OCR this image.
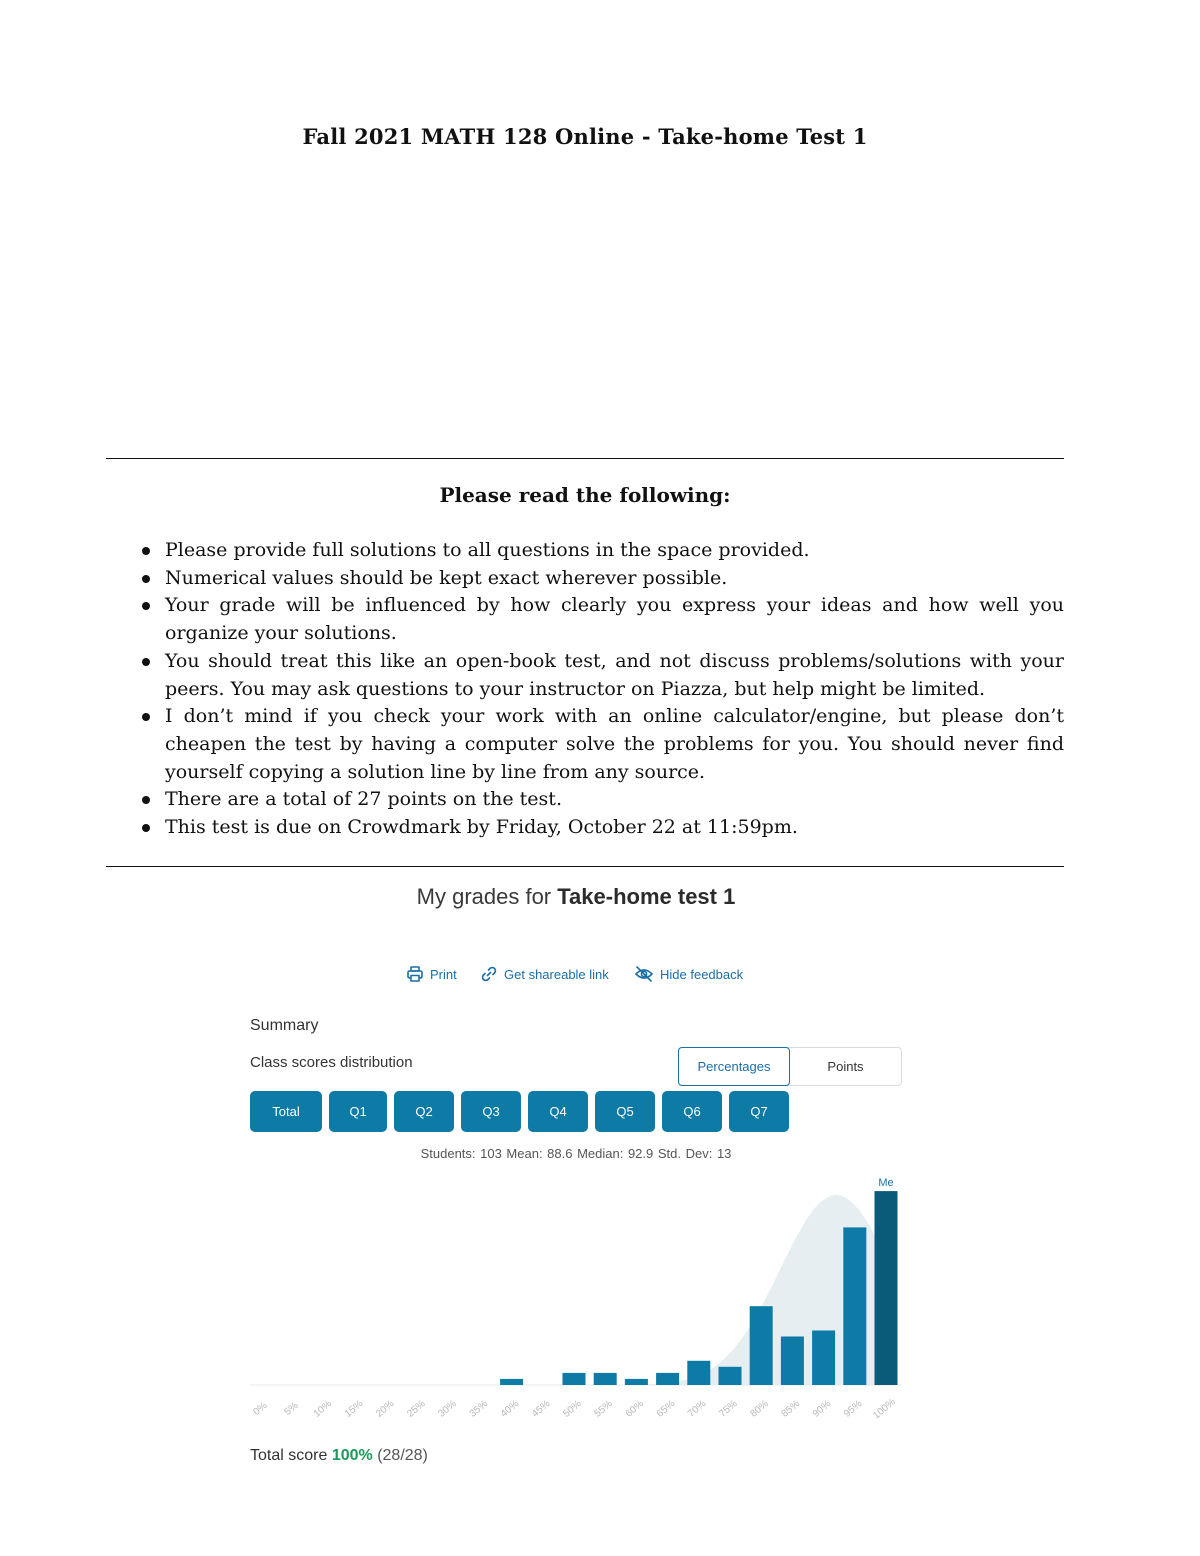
Fall 2021 MATH 128 Online - Take-home Test 1
Please read the following:
Please provide full solutions to all questions in the space provided.
Numerical values should be kept exact wherever possible.
Your grade will be influenced by how clearly you express your ideas and how well you organize your solutions.
You should treat this like an open-book test, and not discuss problems/solutions with your peers. You may ask questions to your instructor on Piazza, but help might be limited.
I don’t mind if you check your work with an online calculator/engine, but please don’t cheapen the test by having a computer solve the problems for you. You should never find yourself copying a solution line by line from any source.
There are a total of 27 points on the test.
This test is due on Crowdmark by Friday, October 22 at 11:59pm.
My grades for Take-home test 1
Print	Get shareable link	Hide feedback
Summary
Class scores distribution	Percentages	Points
Total	Q1	Q2	Q3	Q4	Q5	Q6	Q7
Students: 103 Mean: 88.6 Median: 92.9 Std. Dev: 13
0% 5% 10% 15% 20% 25% 30% 35% 40% 45% 50% 55% 60% 65% 70% 75% 80% 85% 90% 95% 100%
Me
Total score 100% (28/28)
